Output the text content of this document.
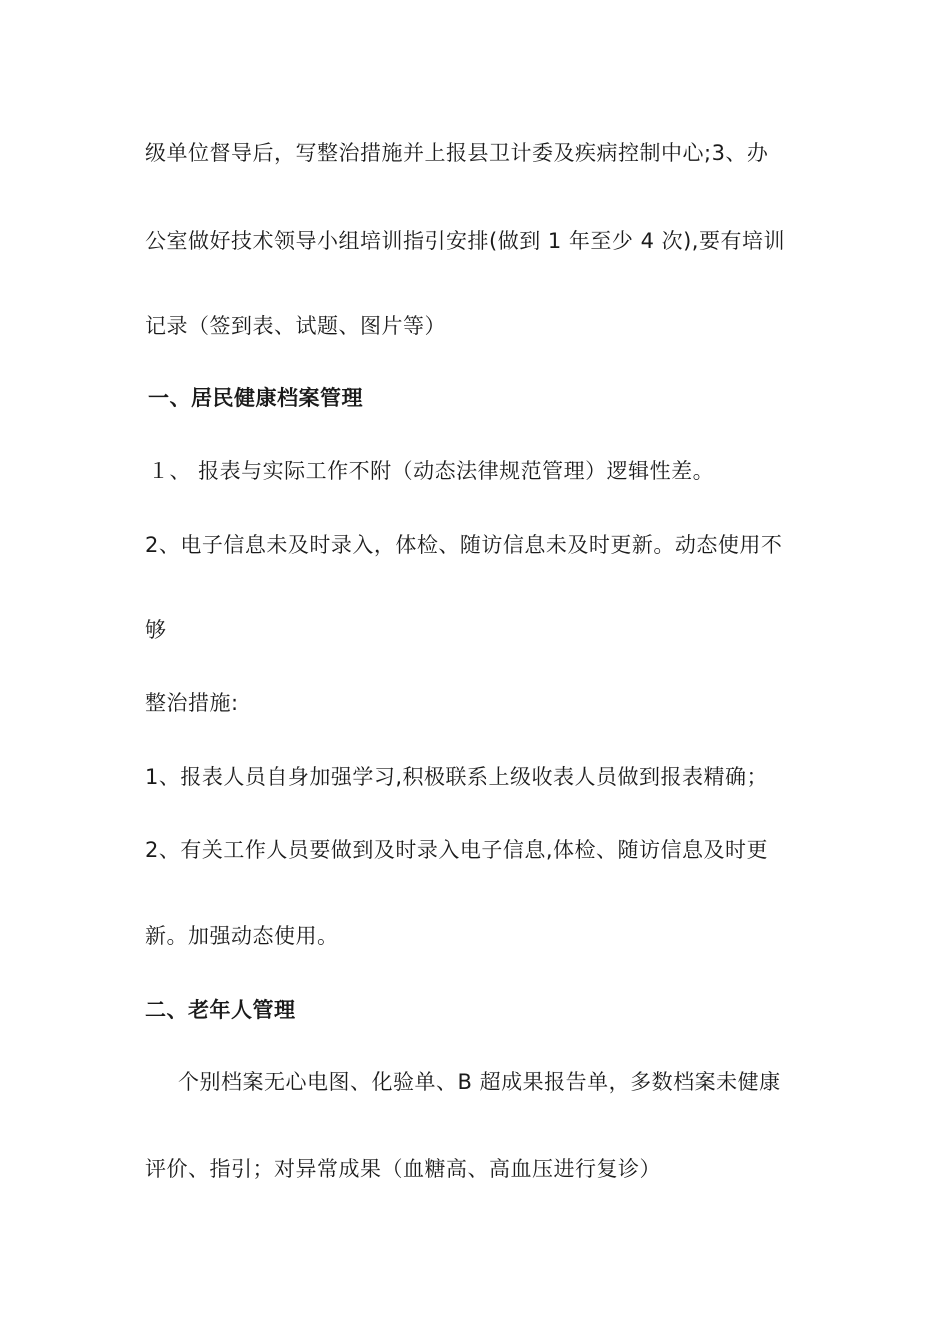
级单位督导后，写整治措施并上报县卫计委及疾病控制中心;3、办
公室做好技术领导小组培训指引安排(做到 1 年至少 4 次),要有培训
记录（签到表、试题、图片等）
一、居民健康档案管理
１、 报表与实际工作不附（动态法律规范管理）逻辑性差。
2、电子信息未及时录入，体检、随访信息未及时更新。动态使用不
够
整治措施:
1、报表人员自身加强学习,积极联系上级收表人员做到报表精确；
2、有关工作人员要做到及时录入电子信息,体检、随访信息及时更
新。加强动态使用。
二、老年人管理
个别档案无心电图、化验单、B 超成果报告单，多数档案未健康
评价、指引；对异常成果（血糖高、高血压进行复诊）
